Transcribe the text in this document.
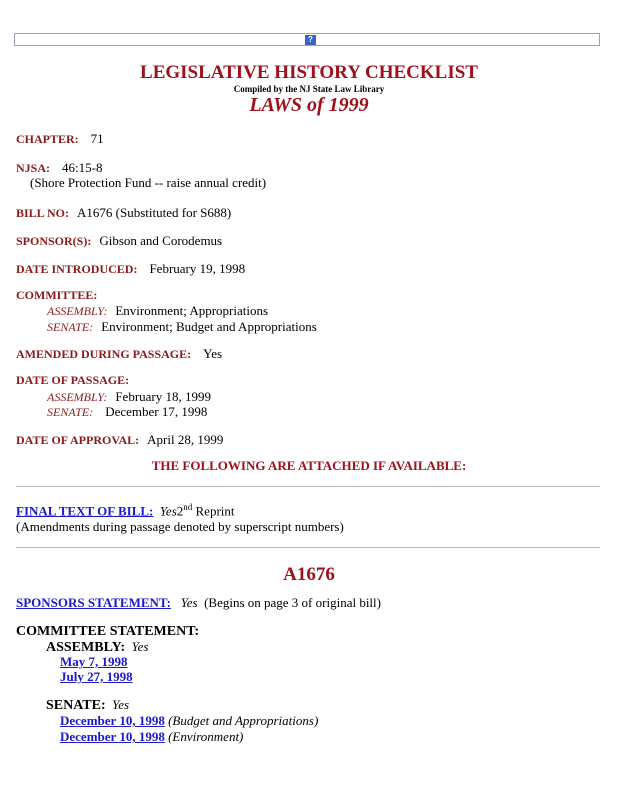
?
LEGISLATIVE HISTORY CHECKLIST
Compiled by the NJ State Law Library
LAWS of 1999
CHAPTER: 71
NJSA: 46:15-8
(Shore Protection Fund -- raise annual credit)
BILL NO: A1676 (Substituted for S688)
SPONSOR(S): Gibson and Corodemus
DATE INTRODUCED: February 19, 1998
COMMITTEE:
ASSEMBLY: Environment; Appropriations
SENATE: Environment; Budget and Appropriations
AMENDED DURING PASSAGE: Yes
DATE OF PASSAGE:
ASSEMBLY: February 18, 1999
SENATE: December 17, 1998
DATE OF APPROVAL: April 28, 1999
THE FOLLOWING ARE ATTACHED IF AVAILABLE:
FINAL TEXT OF BILL: Yes2nd Reprint
(Amendments during passage denoted by superscript numbers)
A1676
SPONSORS STATEMENT: Yes (Begins on page 3 of original bill)
COMMITTEE STATEMENT:
ASSEMBLY: Yes
May 7, 1998
July 27, 1998
SENATE: Yes
December 10, 1998 (Budget and Appropriations)
December 10, 1998 (Environment)
